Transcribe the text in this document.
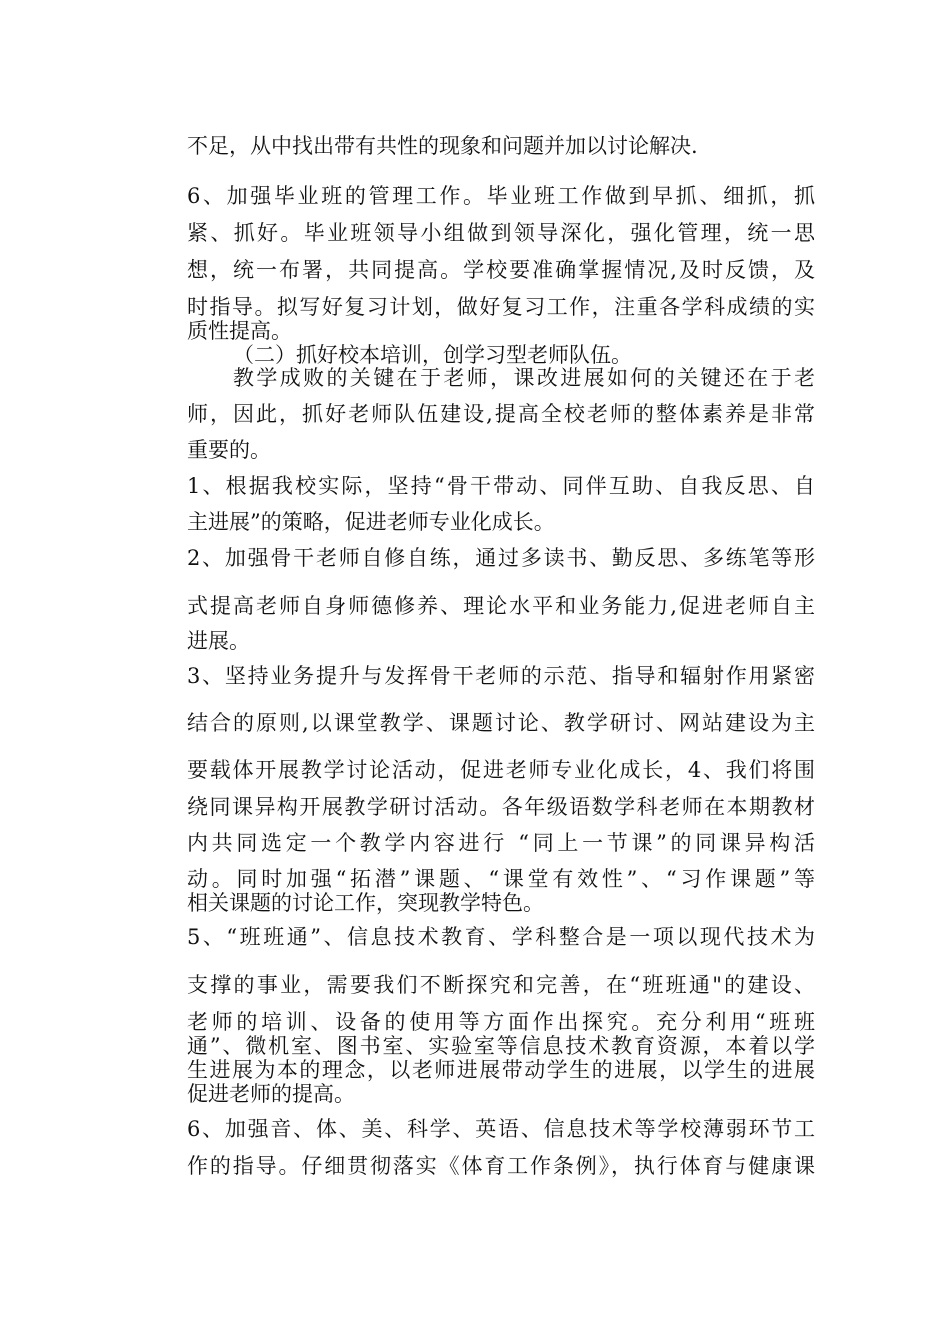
不足，从中找出带有共性的现象和问题并加以讨论解决.
6、加强毕业班的管理工作。毕业班工作做到早抓、细抓，抓
紧、抓好。毕业班领导小组做到领导深化，强化管理，统一思
想，统一布署，共同提高。学校要准确掌握情况,及时反馈，及
时指导。拟写好复习计划，做好复习工作，注重各学科成绩的实
质性提高。
（二）抓好校本培训，创学习型老师队伍。
教学成败的关键在于老师，课改进展如何的关键还在于老
师，因此，抓好老师队伍建设,提高全校老师的整体素养是非常
重要的。
1、根据我校实际，坚持“骨干带动、同伴互助、自我反思、自
主进展”的策略，促进老师专业化成长。
2、加强骨干老师自修自练，通过多读书、勤反思、多练笔等形
式提高老师自身师德修养、理论水平和业务能力,促进老师自主
进展。
3、坚持业务提升与发挥骨干老师的示范、指导和辐射作用紧密
结合的原则,以课堂教学、课题讨论、教学研讨、网站建设为主
要载体开展教学讨论活动，促进老师专业化成长，4、我们将围
绕同课异构开展教学研讨活动。各年级语数学科老师在本期教材
内共同选定一个教学内容进行 “同上一节课”的同课异构活
动。同时加强“拓潜”课题、“课堂有效性”、“习作课题”等
相关课题的讨论工作，突现教学特色。
5、“班班通”、信息技术教育、学科整合是一项以现代技术为
支撑的事业，需要我们不断探究和完善，在“班班通"的建设、
老师的培训、设备的使用等方面作出探究。充分利用“班班
通”、微机室、图书室、实验室等信息技术教育资源，本着以学
生进展为本的理念，以老师进展带动学生的进展，以学生的进展
促进老师的提高。
6、加强音、体、美、科学、英语、信息技术等学校薄弱环节工
作的指导。仔细贯彻落实《体育工作条例》，执行体育与健康课
